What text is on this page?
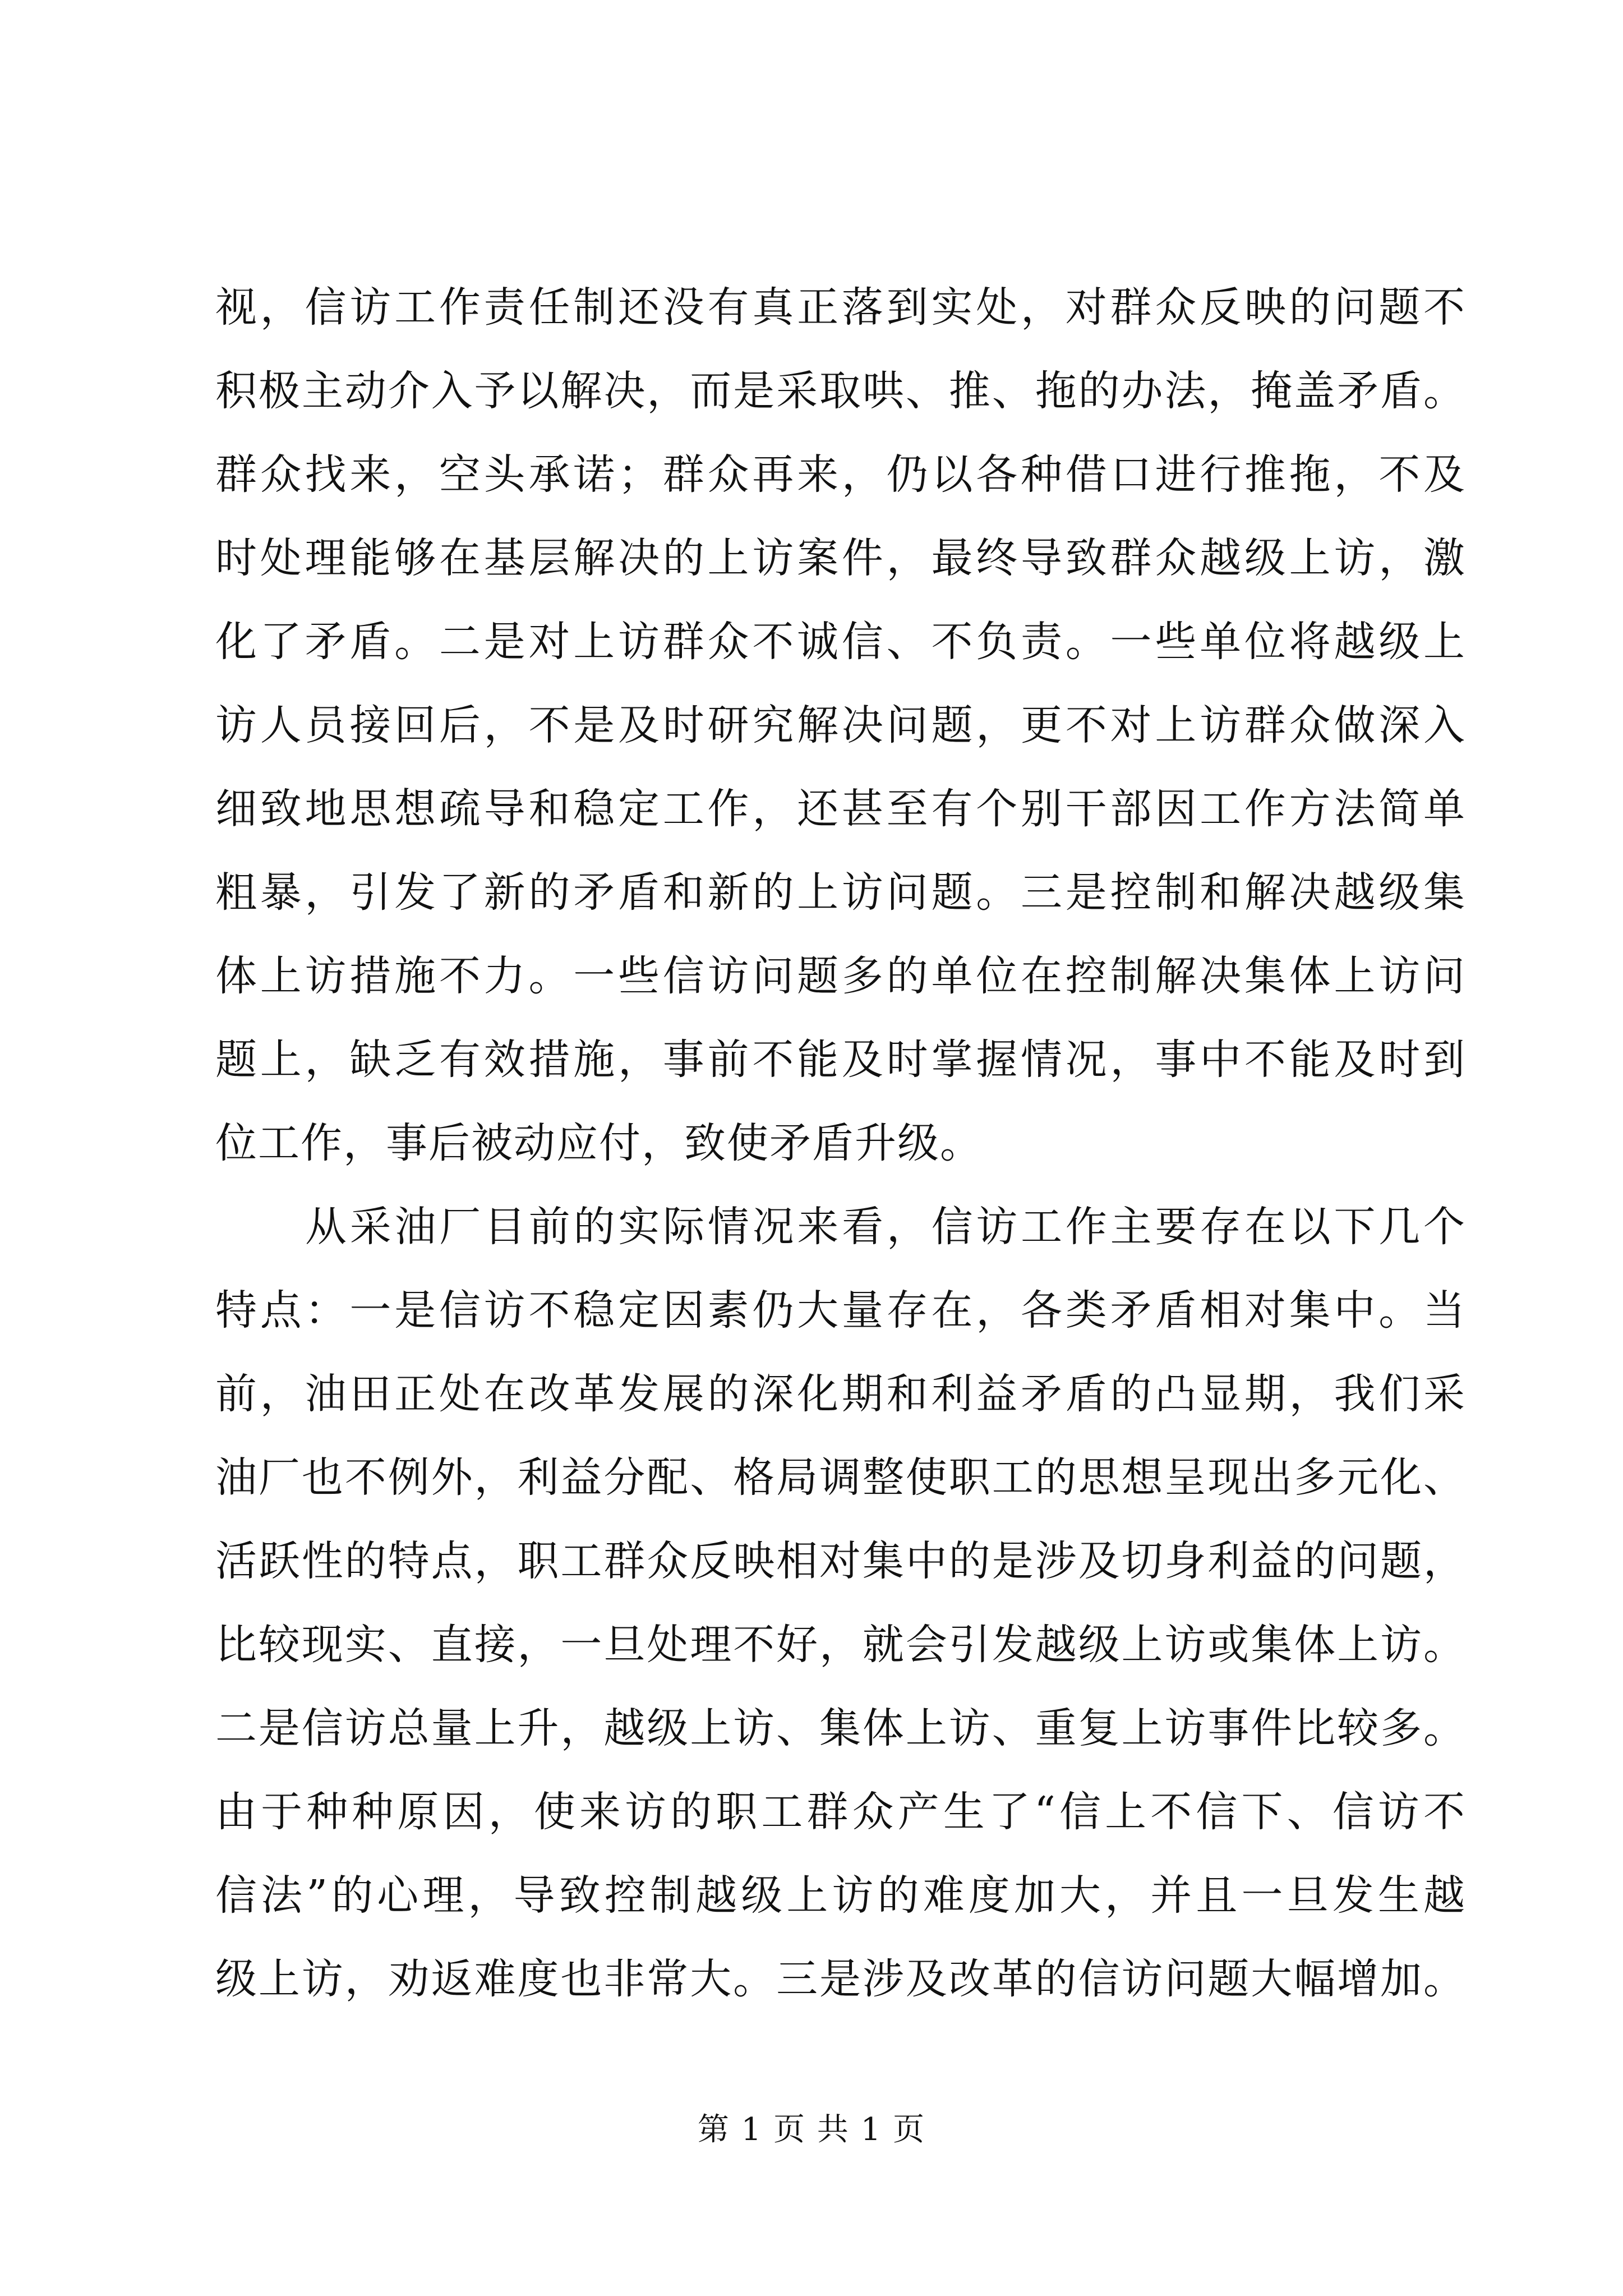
视，信访工作责任制还没有真正落到实处，对群众反映的问题不
积极主动介入予以解决，而是采取哄、推、拖的办法，掩盖矛盾。
群众找来，空头承诺；群众再来，仍以各种借口进行推拖，不及
时处理能够在基层解决的上访案件，最终导致群众越级上访，激
化了矛盾。二是对上访群众不诚信、不负责。一些单位将越级上
访人员接回后，不是及时研究解决问题，更不对上访群众做深入
细致地思想疏导和稳定工作，还甚至有个别干部因工作方法简单
粗暴，引发了新的矛盾和新的上访问题。三是控制和解决越级集
体上访措施不力。一些信访问题多的单位在控制解决集体上访问
题上，缺乏有效措施，事前不能及时掌握情况，事中不能及时到
位工作，事后被动应付，致使矛盾升级。
从采油厂目前的实际情况来看，信访工作主要存在以下几个
特点：一是信访不稳定因素仍大量存在，各类矛盾相对集中。当
前，油田正处在改革发展的深化期和利益矛盾的凸显期，我们采
油厂也不例外，利益分配、格局调整使职工的思想呈现出多元化、
活跃性的特点，职工群众反映相对集中的是涉及切身利益的问题，
比较现实、直接，一旦处理不好，就会引发越级上访或集体上访。
二是信访总量上升，越级上访、集体上访、重复上访事件比较多。
由于种种原因，使来访的职工群众产生了“信上不信下、信访不
信法”的心理，导致控制越级上访的难度加大，并且一旦发生越
级上访，劝返难度也非常大。三是涉及改革的信访问题大幅增加。
第 1 页 共 1 页
